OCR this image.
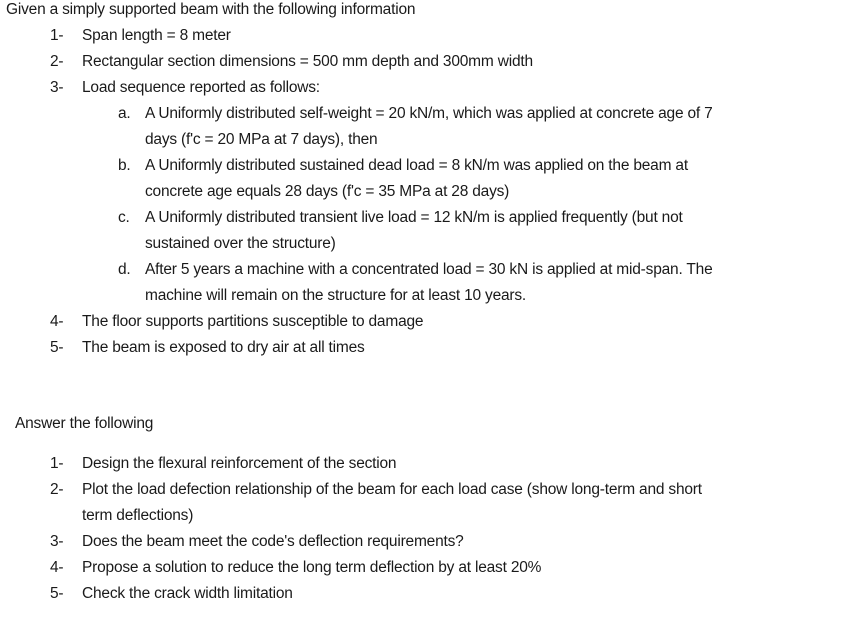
Given a simply supported beam with the following information
1- Span length = 8 meter
2- Rectangular section dimensions = 500 mm depth and 300mm width
3- Load sequence reported as follows:
a. A Uniformly distributed self-weight = 20 kN/m, which was applied at concrete age of 7
days (f'c = 20 MPa at 7 days), then
b. A Uniformly distributed sustained dead load = 8 kN/m was applied on the beam at
concrete age equals 28 days (f'c = 35 MPa at 28 days)
c. A Uniformly distributed transient live load = 12 kN/m is applied frequently (but not
sustained over the structure)
d. After 5 years a machine with a concentrated load = 30 kN is applied at mid-span. The
machine will remain on the structure for at least 10 years.
4- The floor supports partitions susceptible to damage
5- The beam is exposed to dry air at all times
Answer the following
1- Design the flexural reinforcement of the section
2- Plot the load defection relationship of the beam for each load case (show long-term and short
term deflections)
3- Does the beam meet the code's deflection requirements?
4- Propose a solution to reduce the long term deflection by at least 20%
5- Check the crack width limitation
